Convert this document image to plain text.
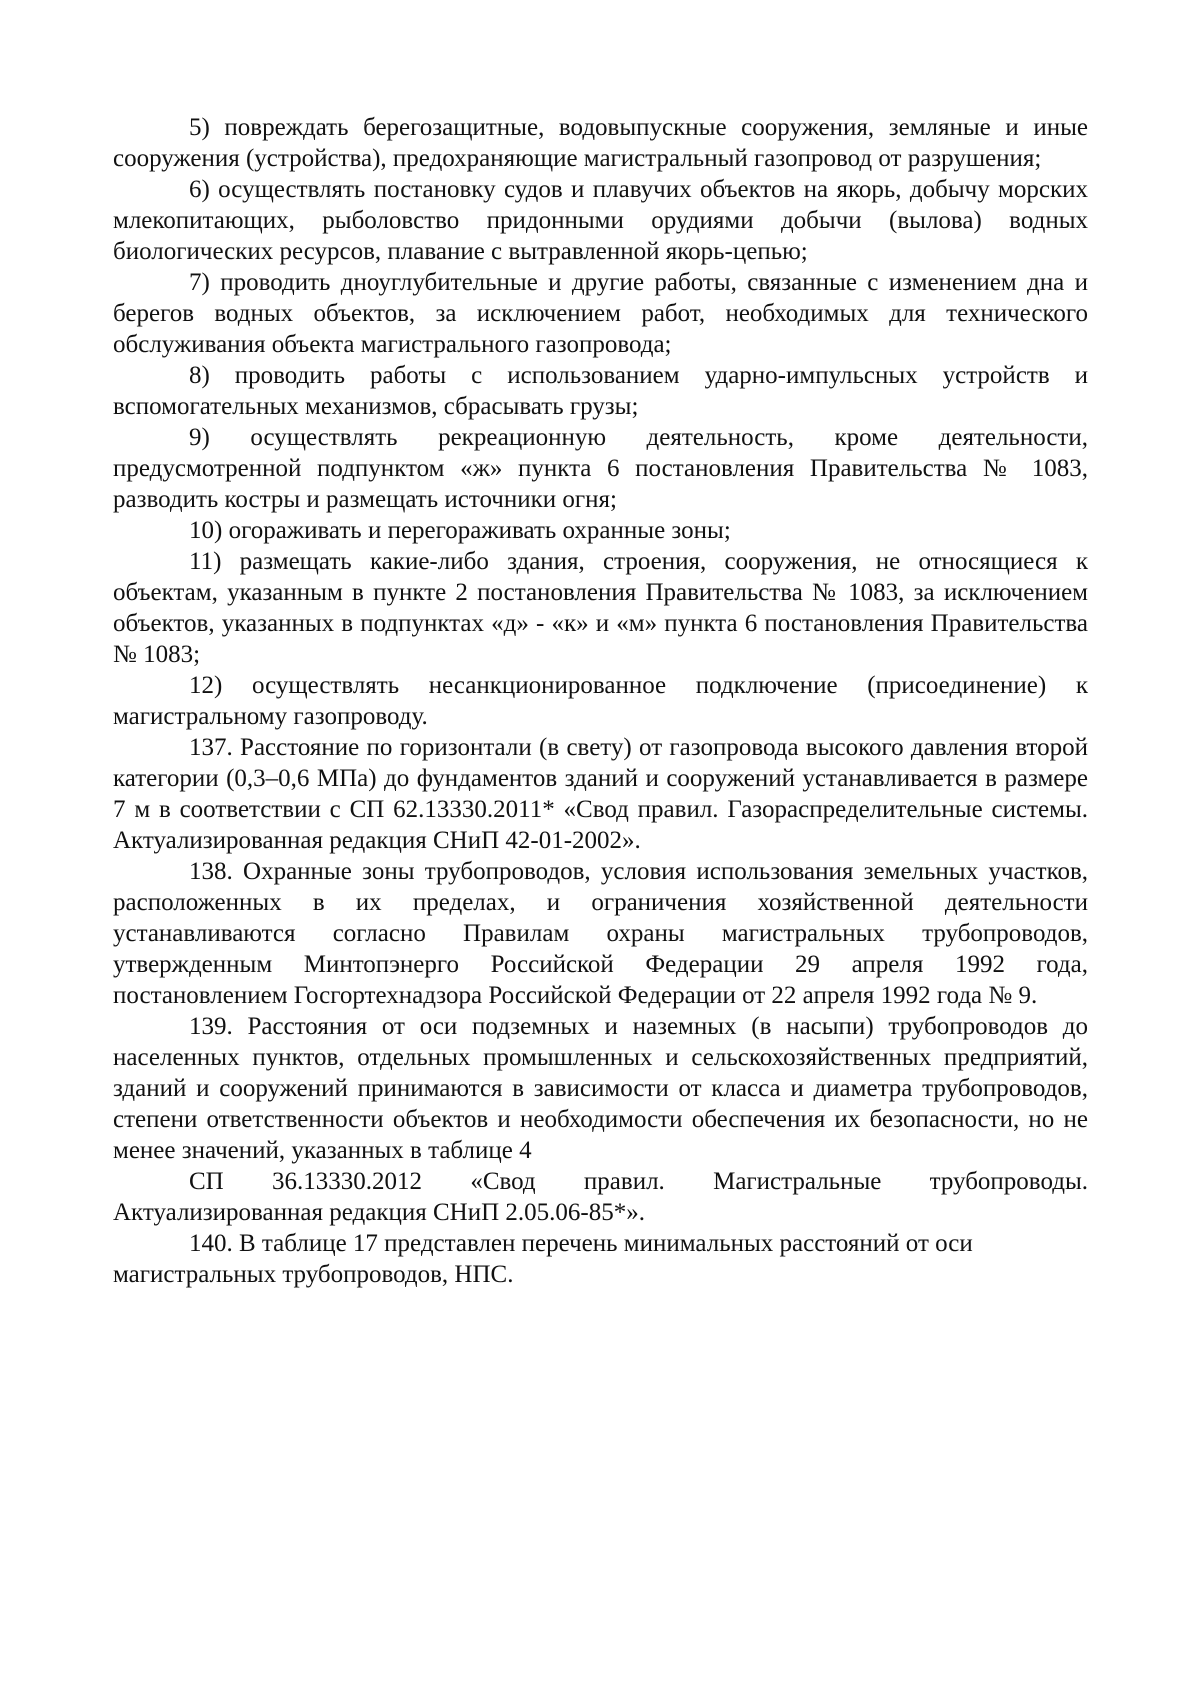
5) повреждать берегозащитные, водовыпускные сооружения, земляные и иные сооружения (устройства), предохраняющие магистральный газопровод от разрушения;

6) осуществлять постановку судов и плавучих объектов на якорь, добычу морских млекопитающих, рыболовство придонными орудиями добычи (вылова) водных биологических ресурсов, плавание с вытравленной якорь-цепью;

7) проводить дноуглубительные и другие работы, связанные с изменением дна и берегов водных объектов, за исключением работ, необходимых для технического обслуживания объекта магистрального газопровода;

8) проводить работы с использованием ударно-импульсных устройств и вспомогательных механизмов, сбрасывать грузы;

9) осуществлять рекреационную деятельность, кроме деятельности, предусмотренной подпунктом «ж» пункта 6 постановления Правительства № 1083, разводить костры и размещать источники огня;

10) огораживать и перегораживать охранные зоны;

11) размещать какие-либо здания, строения, сооружения, не относящиеся к объектам, указанным в пункте 2 постановления Правительства № 1083, за исключением объектов, указанных в подпунктах «д» - «к» и «м» пункта 6 постановления Правительства № 1083;

12) осуществлять несанкционированное подключение (присоединение) к магистральному газопроводу.

137. Расстояние по горизонтали (в свету) от газопровода высокого давления второй категории (0,3–0,6 МПа) до фундаментов зданий и сооружений устанавливается в размере 7 м в соответствии с СП 62.13330.2011* «Свод правил. Газораспределительные системы. Актуализированная редакция СНиП 42-01-2002».

138. Охранные зоны трубопроводов, условия использования земельных участков, расположенных в их пределах, и ограничения хозяйственной деятельности устанавливаются согласно Правилам охраны магистральных трубопроводов, утвержденным Минтопэнерго Российской Федерации 29 апреля 1992 года, постановлением Госгортехнадзора Российской Федерации от 22 апреля 1992 года № 9.

139. Расстояния от оси подземных и наземных (в насыпи) трубопроводов до населенных пунктов, отдельных промышленных и сельскохозяйственных предприятий, зданий и сооружений принимаются в зависимости от класса и диаметра трубопроводов, степени ответственности объектов и необходимости обеспечения их безопасности, но не менее значений, указанных в таблице 4

СП 36.13330.2012 «Свод правил. Магистральные трубопроводы. Актуализированная редакция СНиП 2.05.06-85*».

140. В таблице 17 представлен перечень минимальных расстояний от оси магистральных трубопроводов, НПС.
